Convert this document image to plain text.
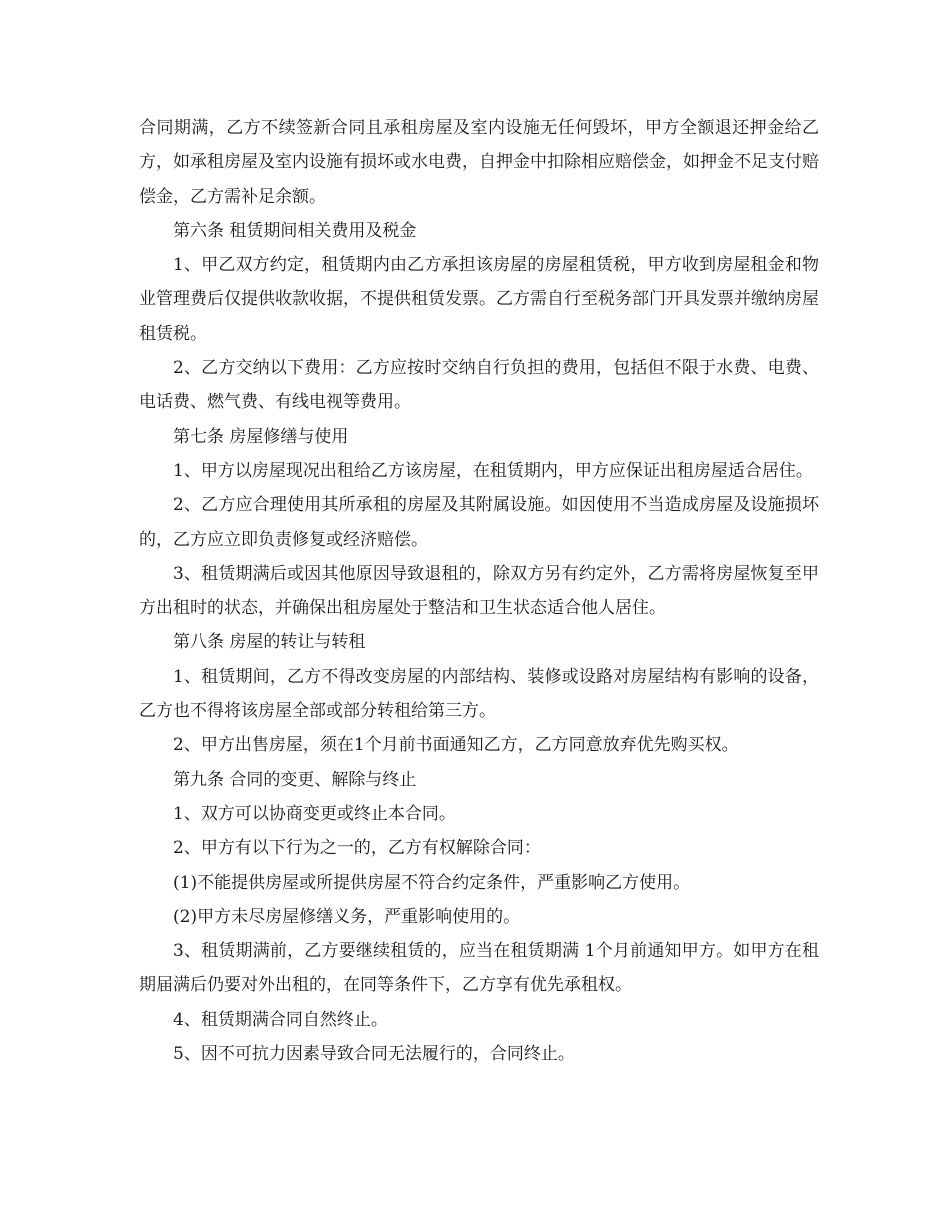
合同期满，乙方不续签新合同且承租房屋及室内设施无任何毁坏，甲方全额退还押金给乙方，如承租房屋及室内设施有损坏或水电费，自押金中扣除相应赔偿金，如押金不足支付赔偿金，乙方需补足余额。

第六条 租赁期间相关费用及税金

1、甲乙双方约定，租赁期内由乙方承担该房屋的房屋租赁税，甲方收到房屋租金和物业管理费后仅提供收款收据，不提供租赁发票。乙方需自行至税务部门开具发票并缴纳房屋租赁税。

2、乙方交纳以下费用：乙方应按时交纳自行负担的费用，包括但不限于水费、电费、电话费、燃气费、有线电视等费用。

第七条 房屋修缮与使用

1、甲方以房屋现况出租给乙方该房屋，在租赁期内，甲方应保证出租房屋适合居住。

2、乙方应合理使用其所承租的房屋及其附属设施。如因使用不当造成房屋及设施损坏的，乙方应立即负责修复或经济赔偿。

3、租赁期满后或因其他原因导致退租的，除双方另有约定外，乙方需将房屋恢复至甲方出租时的状态，并确保出租房屋处于整洁和卫生状态适合他人居住。

第八条 房屋的转让与转租

1、租赁期间，乙方不得改变房屋的内部结构、装修或设路对房屋结构有影响的设备，乙方也不得将该房屋全部或部分转租给第三方。

2、甲方出售房屋，须在1个月前书面通知乙方，乙方同意放弃优先购买权。

第九条 合同的变更、解除与终止

1、双方可以协商变更或终止本合同。

2、甲方有以下行为之一的，乙方有权解除合同：

(1)不能提供房屋或所提供房屋不符合约定条件，严重影响乙方使用。

(2)甲方未尽房屋修缮义务，严重影响使用的。

3、租赁期满前，乙方要继续租赁的，应当在租赁期满 1个月前通知甲方。如甲方在租期届满后仍要对外出租的，在同等条件下，乙方享有优先承租权。

4、租赁期满合同自然终止。

5、因不可抗力因素导致合同无法履行的，合同终止。
